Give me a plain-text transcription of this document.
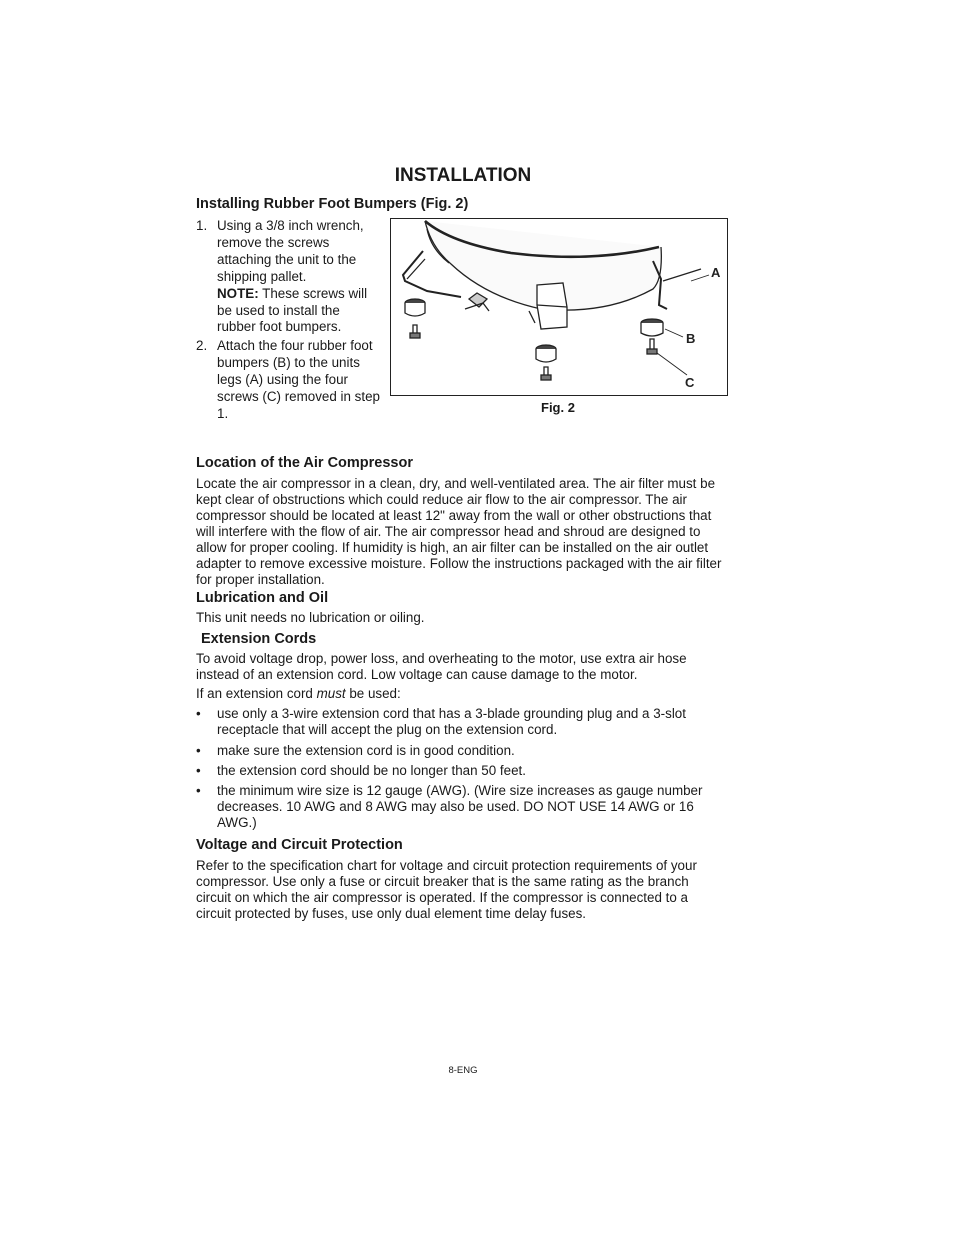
INSTALLATION
Installing Rubber Foot Bumpers (Fig. 2)
1. Using a 3/8 inch wrench, remove the screws attaching the unit to the shipping pallet.
NOTE: These screws will be used to install the rubber foot bumpers.
2. Attach the four rubber foot bumpers (B) to the units legs (A) using the four screws (C) removed in step 1.
A
B
C
Fig. 2
Location of the Air Compressor
Locate the air compressor in a clean, dry, and well-ventilated area. The air filter must be kept clear of obstructions which could reduce air flow to the air compressor. The air compressor should be located at least 12" away from the wall or other obstructions that will interfere with the flow of air. The air compressor head and shroud are designed to allow for proper cooling. If humidity is high, an air filter can be installed on the air outlet adapter to remove excessive moisture. Follow the instructions packaged with the air filter for proper installation.
Lubrication and Oil
This unit needs no lubrication or oiling.
Extension Cords
To avoid voltage drop, power loss, and overheating to the motor, use extra air hose instead of an extension cord. Low voltage can cause damage to the motor.
If an extension cord must be used:
•	use only a 3-wire extension cord that has a 3-blade grounding plug and a 3-slot receptacle that will accept the plug on the extension cord.
•	make sure the extension cord is in good condition.
•	the extension cord should be no longer than 50 feet.
•	the minimum wire size is 12 gauge (AWG). (Wire size increases as gauge number decreases. 10 AWG and 8 AWG may also be used. DO NOT USE 14 AWG or 16 AWG.)
Voltage and Circuit Protection
Refer to the specification chart for voltage and circuit protection requirements of your compressor. Use only a fuse or circuit breaker that is the same rating as the branch circuit on which the air compressor is operated. If the compressor is connected to a circuit protected by fuses, use only dual element time delay fuses.
8-ENG
